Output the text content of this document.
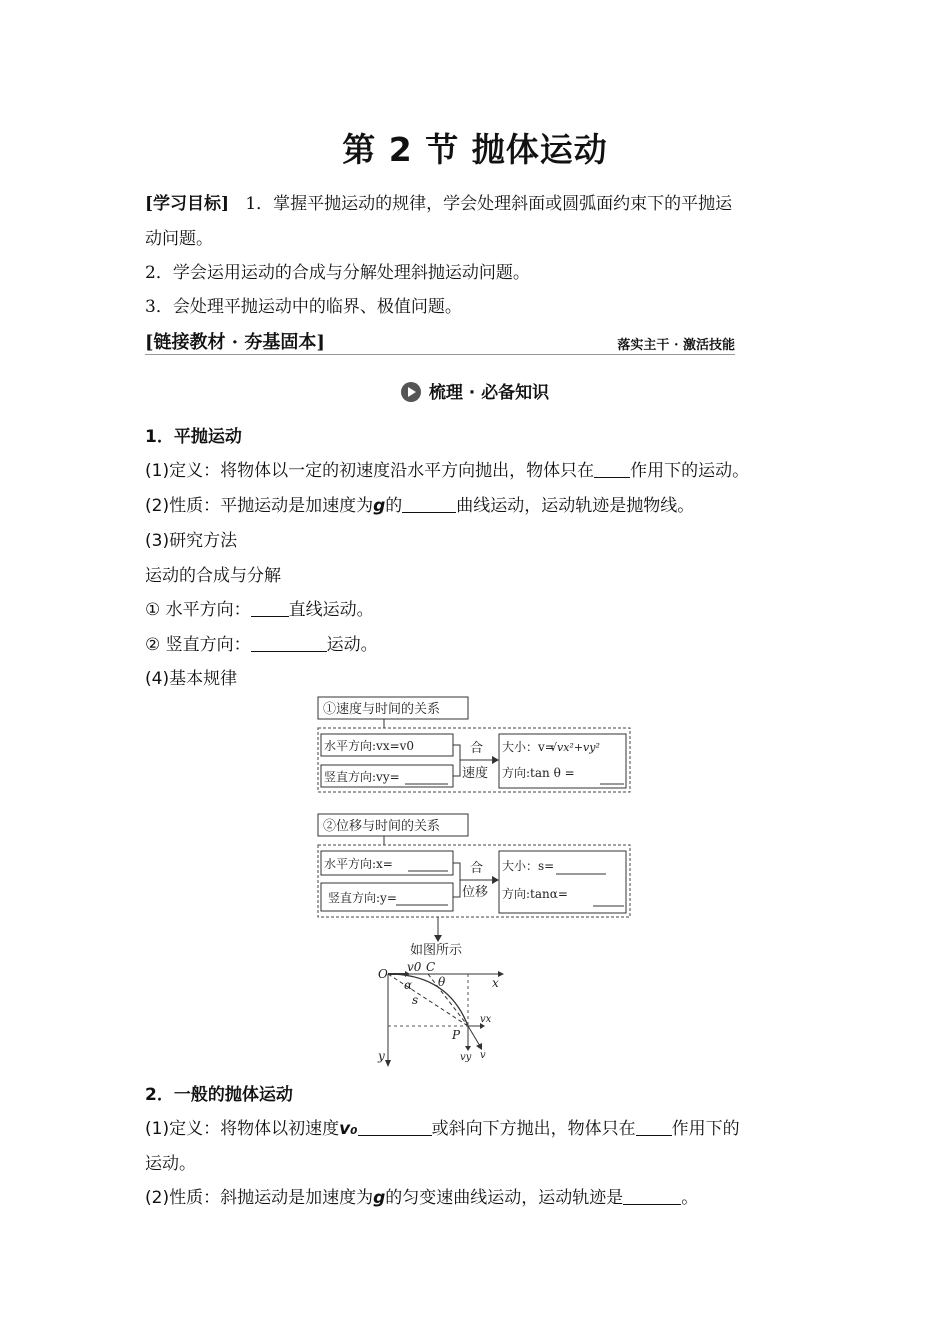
第 2 节 抛体运动
[学习目标] 1．掌握平抛运动的规律，学会处理斜面或圆弧面约束下的平抛运
动问题。
2．学会运用运动的合成与分解处理斜抛运动问题。
3．会处理平抛运动中的临界、极值问题。
[链接教材 · 夯基固本]	落实主干 · 激活技能
梳理 · 必备知识
1．平抛运动
(1)定义：将物体以一定的初速度沿水平方向抛出，物体只在 作用下的运动。
(2)性质：平抛运动是加速度为g的	曲线运动，运动轨迹是抛物线。
(3)研究方法
运动的合成与分解
① 水平方向： 直线运动。
② 竖直方向：	运动。
(4)基本规律
①速度与时间的关系
水平方向:vx=v0
竖直方向:vy=
合
速度
大小：v=
√vx²+vy²
方向:tan θ =
②位移与时间的关系
水平方向:x=
竖直方向:y=
合
位移
大小：s=
方向:tanα=
如图所示
O v0 C
x
y
α θ
s
P
vx
vy v
2．一般的抛体运动
(1)定义：将物体以初速度v₀	或斜向下方抛出，物体只在 作用下的
运动。
(2)性质：斜抛运动是加速度为g的匀变速曲线运动，运动轨迹是	。
